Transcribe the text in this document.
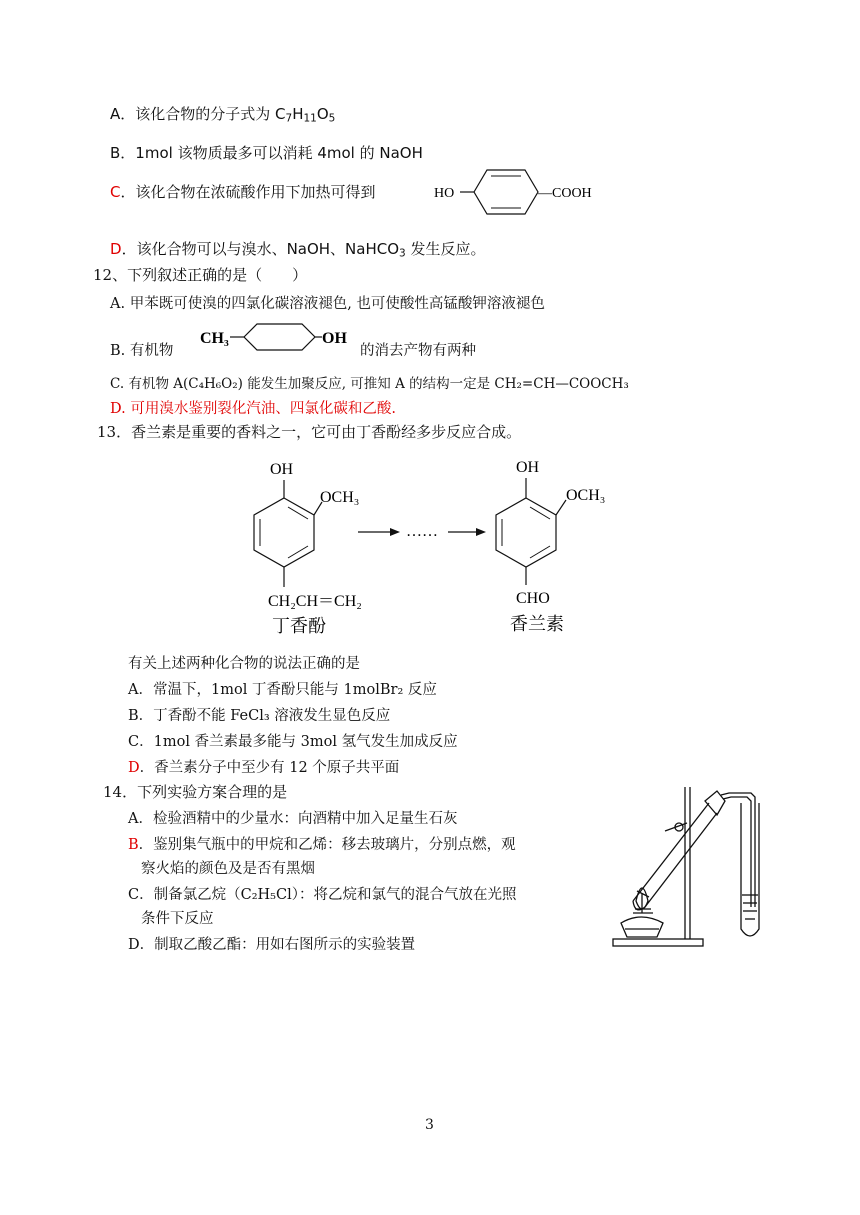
A．该化合物的分子式为 $C_7H_{11}O_5$
B．1mol 该物质最多可以消耗 4mol 的 NaOH
C．该化合物在浓硫酸作用下加热可得到	HO	—COOH
D．该化合物可以与溴水、NaOH、NaHCO$_3$ 发生反应。
12、下列叙述正确的是（　　）
A. 甲苯既可使溴的四氯化碳溶液褪色, 也可使酸性高锰酸钾溶液褪色
B. 有机物
CH₃	OH
的消去产物有两种
C. 有机物 A(C₄H₆O₂) 能发生加聚反应, 可推知 A 的结构一定是 CH₂=CH—COOCH₃
D. 可用溴水鉴别裂化汽油、四氯化碳和乙酸.
13．香兰素是重要的香料之一，它可由丁香酚经多步反应合成。
OH
OCH₃
CH₂CH＝CH₂
丁香酚
……
OH
OCH₃
CHO
香兰素
有关上述两种化合物的说法正确的是
A．常温下，1mol 丁香酚只能与 1molBr₂ 反应
B．丁香酚不能 FeCl₃ 溶液发生显色反应
C．1mol 香兰素最多能与 3mol 氢气发生加成反应
D．香兰素分子中至少有 12 个原子共平面
14．下列实验方案合理的是
A．检验酒精中的少量水：向酒精中加入足量生石灰
B．鉴别集气瓶中的甲烷和乙烯：移去玻璃片，分别点燃，观
察火焰的颜色及是否有黑烟
C．制备氯乙烷（C₂H₅Cl）：将乙烷和氯气的混合气放在光照
条件下反应
D．制取乙酸乙酯：用如右图所示的实验装置
3
